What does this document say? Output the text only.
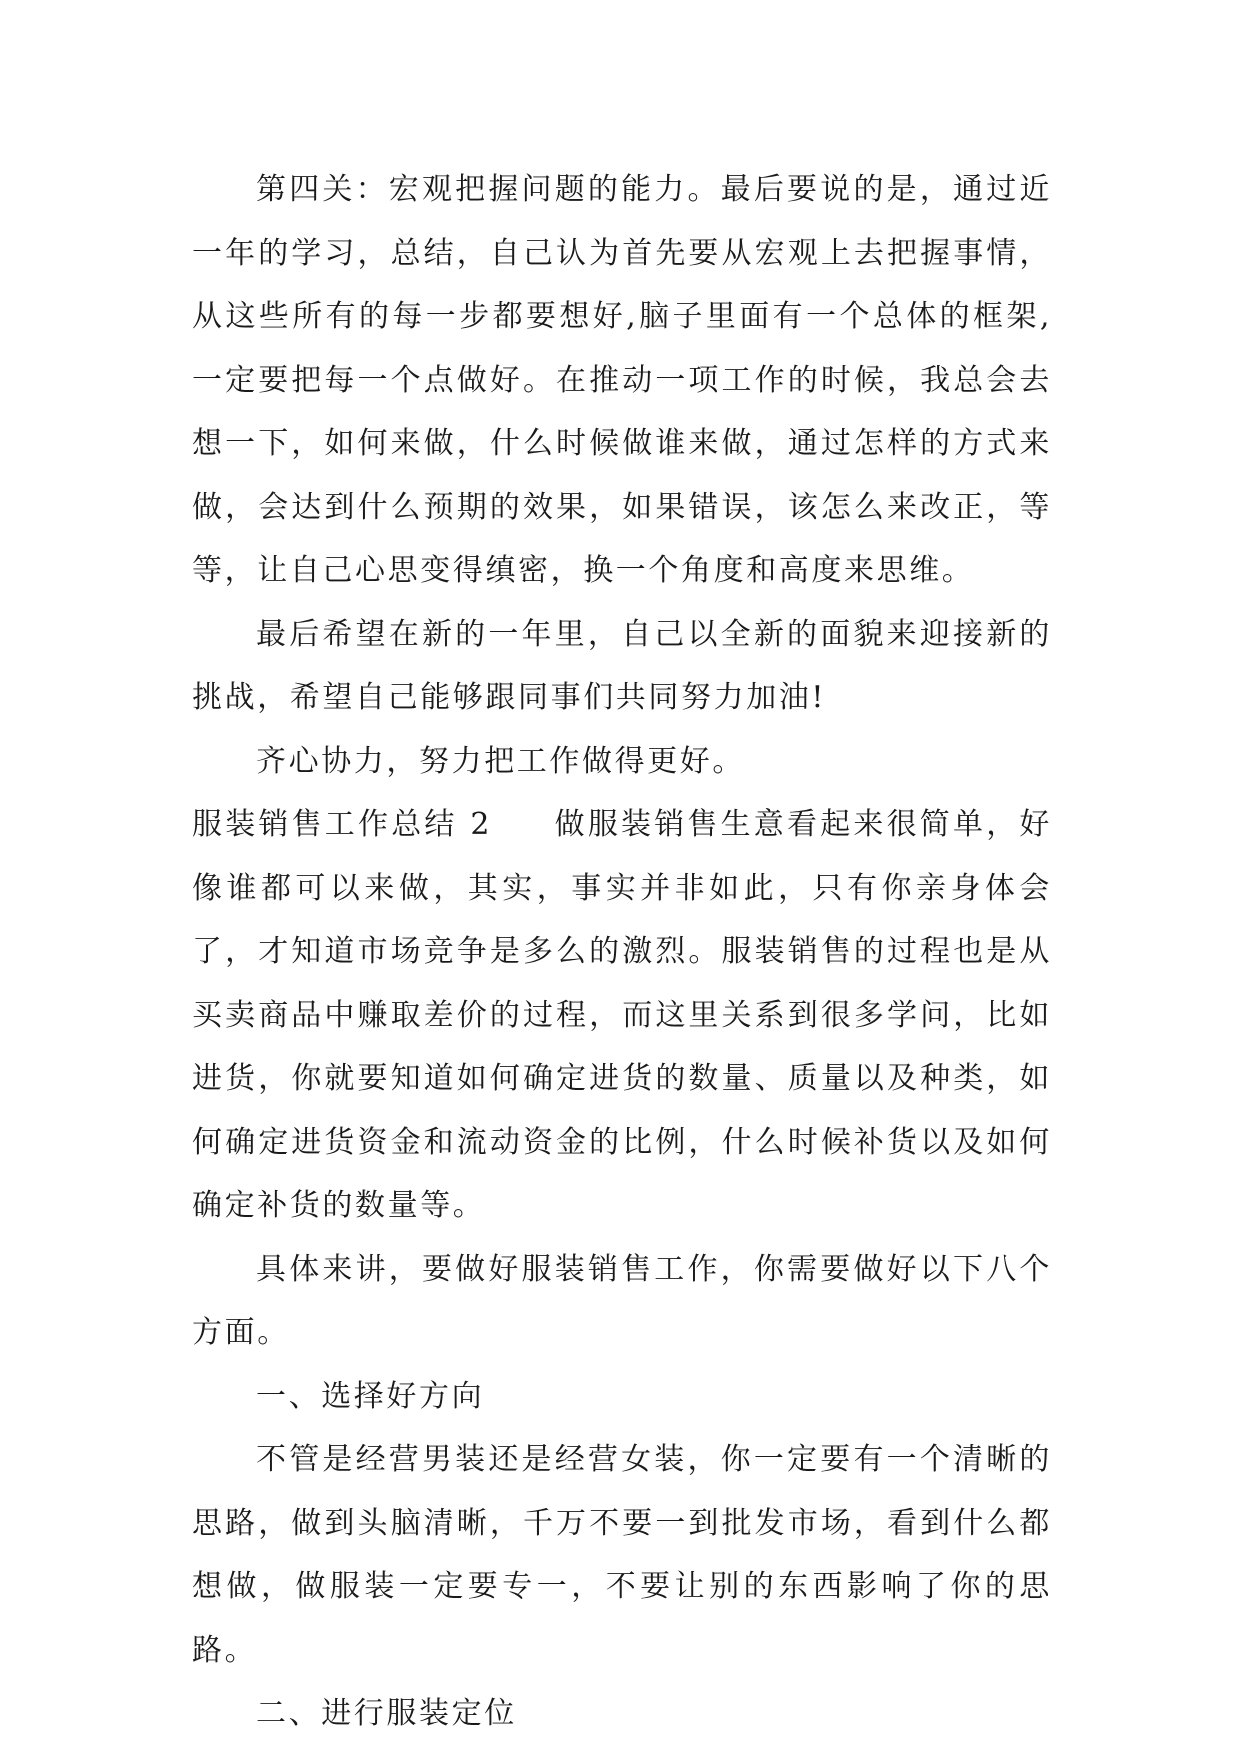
第四关：宏观把握问题的能力。最后要说的是，通过近一年的学习，总结，自己认为首先要从宏观上去把握事情，从这些所有的每一步都要想好,脑子里面有一个总体的框架,一定要把每一个点做好。在推动一项工作的时候，我总会去想一下，如何来做，什么时候做谁来做，通过怎样的方式来做，会达到什么预期的效果，如果错误，该怎么来改正，等等，让自己心思变得缜密，换一个角度和高度来思维。

最后希望在新的一年里，自己以全新的面貌来迎接新的挑战，希望自己能够跟同事们共同努力加油!

齐心协力，努力把工作做得更好。

服装销售工作总结 2 做服装销售生意看起来很简单，好像谁都可以来做，其实，事实并非如此，只有你亲身体会了，才知道市场竞争是多么的激烈。服装销售的过程也是从买卖商品中赚取差价的过程，而这里关系到很多学问，比如进货，你就要知道如何确定进货的数量、质量以及种类，如何确定进货资金和流动资金的比例，什么时候补货以及如何确定补货的数量等。

具体来讲，要做好服装销售工作，你需要做好以下八个方面。

一、选择好方向

不管是经营男装还是经营女装，你一定要有一个清晰的思路，做到头脑清晰，千万不要一到批发市场，看到什么都想做，做服装一定要专一，不要让别的东西影响了你的思路。

二、进行服装定位
